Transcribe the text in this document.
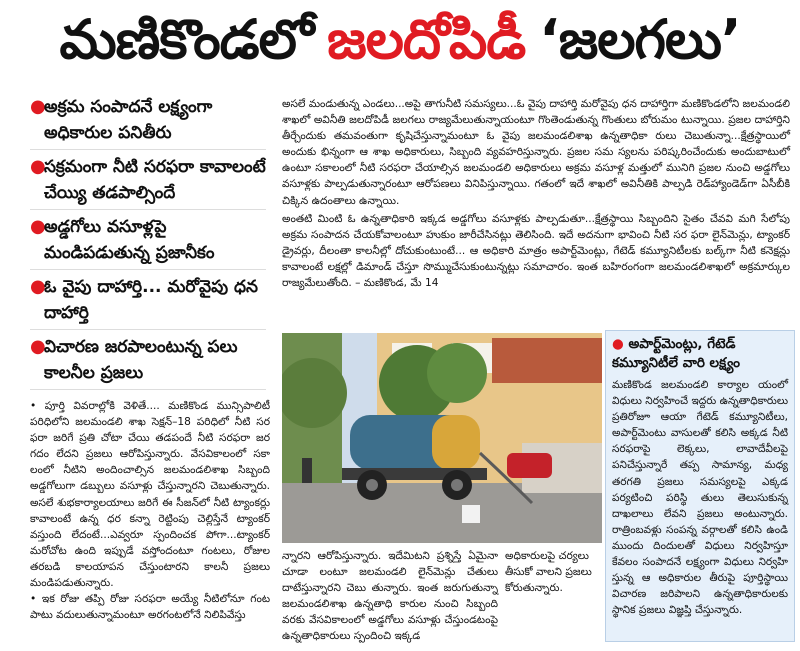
మణికొండలో జలదోపిడీ ‘జలగలు’
●
అక్రమ సంపాదనే లక్ష్యంగా అధికారుల పనితీరు
●
సక్రమంగా నీటి సరఫరా కావాలంటే చేయ్యి తడపాల్సిందే
●
అడ్డగోలు వసూళ్లపై మండిపడుతున్న ప్రజానీకం
●
ఓ వైపు దాహార్తి... మరోవైపు ధన దాహార్తి
●
విచారణ జరపాలంటున్న పలు కాలనీల ప్రజలు

• పూర్తి వివరాల్లోకి వెళితే.... మణికొండ మున్సిపాలిటీ పరిధిలోని జలమండలి శాఖ సెక్షన్–18 పరిధిలో నీటి సర ఫరా జరిగే ప్రతి చోటా చేయి తడపందే నీటి సరఫరా జర గదం లేదని ప్రజలు ఆరోపిస్తున్నారు. వేసవికాలంలో సకా లంలో నీటిని అందించాల్సిన జలమండలిశాఖ సిబ్బంది అడ్డగోలుగా డబ్బులు వసూళ్లు చేస్తున్నారని చెబుతున్నారు. అసలే శుభకార్యాలయాలు జరిగే ఈ సీజన్‌లో నీటి ట్యాంకర్లు కావాలంటే ఉన్న ధర కన్నా రెట్టింపు చెల్లిస్తేనే ట్యాంకర్ వస్తుంది లేదంటే...ఎవ్వరూ స్పందించక పోగా...ట్యాంకర్ మరోచోట ఉంది ఇప్పుడే వస్తోందంటూ గంటలు, రోజుల తరబడి కాలయాపన చేస్తుంటారని కాలనీ ప్రజలు మండిపడుతున్నారు.

• ఇక రోజు తప్పి రోజు సరఫరా అయ్యే నీటిలోనూ గంట పాటు వదులుతున్నామంటూ అరగంటలోనే నిలిపివేస్తు

అసలే మండుతున్న ఎండలు...అపై తాగునీటి సమస్యలు...ఓ వైపు దాహార్తి మరోవైపు ధన దాహార్తిగా మణికొండలోని జలమండలి శాఖలో అవినీతి జలదోపిడీ జలగలు రాజ్యమేలుతున్నాయంటూ గొంతెండుతున్న గొంతులు బోరుమం టున్నాయి. ప్రజల దాహార్తిని తీర్చేందుకు తమవంతుగా కృషిచేస్తున్నామంటూ ఓ వైపు జలమండలిశాఖ ఉన్నతాధికా రులు చెబుతున్నా...క్షేత్రస్థాయిలో అందుకు భిన్నంగా ఆ శాఖ అధికారులు, సిబ్బంది వ్యవహరిస్తున్నారు. ప్రజల సమ స్యలను పరిష్కరించేందుకు అందుబాటులో ఉంటూ సకాలంలో నీటి సరఫరా చేయాల్సిన జలమండలి అధికారులు అక్రమ వసూళ్ల మత్తులో మునిగి ప్రజల నుంచి అడ్డగోలు వసూళ్లకు పాల్పడుతున్నారంటూ ఆరోపణలు వినిపిస్తున్నాయి. గతంలో ఇదే శాఖలో అవినీతికి పాల్పడి రెడ్‌హ్యాండెడ్‌గా ఏసీబీకి చిక్కిన ఉదంతాలు ఉన్నాయి.

అంతటి మింటి ఓ ఉన్నతాధికారి ఇక్కడ అడ్డగోలు వసూళ్లకు పాల్పడుతూ...క్షేత్రస్థాయి సిబ్బందిని సైతం చేవవి మగి సేలోపు అక్రమ సంపాదన చేయకోవాలంటూ హుకుం జారీచేసినట్లు తెలిసింది. ఇదే అదనుగా భావించి నీటి సర ఫరా లైన్‌మెన్లు, ట్యాంకర్ డ్రైవర్లు, దీలంతా కాలనీల్లో దోచుకుంటుంటే... ఆ అధికారి మాత్రం అపార్ట్‌మెంట్లు, గేటెడ్ కమ్యూనిటీలకు బల్క్‌గా నీటి కనెక్షన్లు కావాలంటే లక్షల్లో డిమాండ్ చేస్తూ సొమ్ముచేసుకుంటున్నట్లు సమాచారం. ఇంత బహిరంగంగా జలమండలిశాఖలో అక్రమార్కుల రాజ్యమేలుతోంది. – మణికొండ, మే 14

న్నారని ఆరోపిస్తున్నారు. ఇదేమిటని ప్రశ్నిస్తే ఏమైనా చూడా లంటూ జలమండలి లైన్‌మెన్లు చేతులు దాటేస్తున్నారని చెబు తున్నారు. ఇంత జరుగుతున్నా జలమండలిశాఖ ఉన్నతాధి కారుల నుంచి సిబ్బంది వరకు వేసవికాలంలో అడ్డగోలు వసూళ్లు చేస్తుండటంపై ఉన్నతాధికారులు స్పందించి ఇక్కడ
అధికారులపై చర్యలు తీసుకో వాలని ప్రజలు కోరుతున్నారు.
● అపార్ట్‌మెంట్లు, గేటెడ్ కమ్యూనిటీలే వారి లక్ష్యం
మణికొండ జలమండలి కార్యాల యంలో విధులు నిర్వహించే ఇద్దరు ఉన్నతాధికారులు ప్రతిరోజూ ఆయా గేటెడ్ కమ్యూనిటీలు, అపార్ట్‌మెంటు వాసులతో కలిసి అక్కడ నీటి సరఫరాపై లెక్కలు, లావాదేవీలపై పనిచేస్తున్నారే తప్ప సామాన్య, మధ్య తరగతి ప్రజలు సమస్యలపై ఎక్కడ పర్యటించి పరిస్థి తులు తెలుసుకున్న దాఖలాలు లేవని ప్రజలు అంటున్నారు. రాత్రింబవళ్లు సంపన్న వర్గాలతో కలిసి ఉండి ముందు దిందులతో విధులు నిర్వహిస్తూ కేవలం సంపాదనే లక్ష్యంగా విధులు నిర్వహి స్తున్న ఆ అధికారుల తీరుపై పూర్తిస్థాయి విచారణ జరిపాలని ఉన్నతాధికారులకు స్థానిక ప్రజలు విజ్ఞప్తి చేస్తున్నారు.
